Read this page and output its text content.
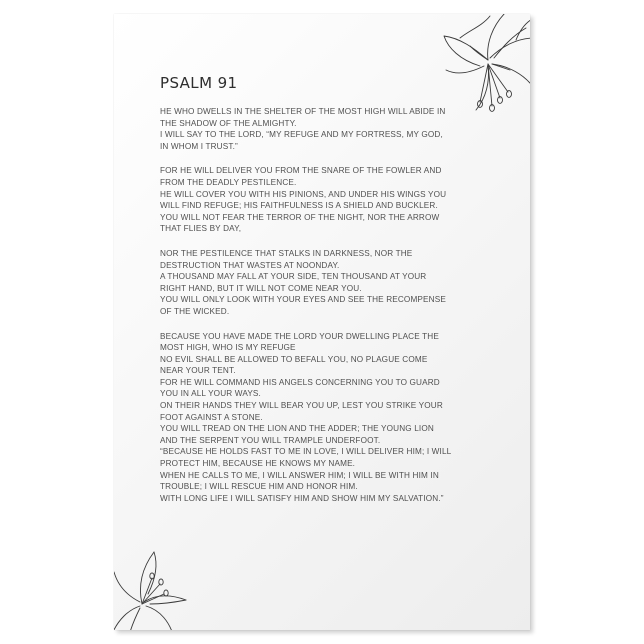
PSALM 91
HE WHO DWELLS IN THE SHELTER OF THE MOST HIGH WILL ABIDE IN
THE SHADOW OF THE ALMIGHTY.
I WILL SAY TO THE LORD, “MY REFUGE AND MY FORTRESS, MY GOD,
IN WHOM I TRUST.”
FOR HE WILL DELIVER YOU FROM THE SNARE OF THE FOWLER AND
FROM THE DEADLY PESTILENCE.
HE WILL COVER YOU WITH HIS PINIONS, AND UNDER HIS WINGS YOU
WILL FIND REFUGE; HIS FAITHFULNESS IS A SHIELD AND BUCKLER.
YOU WILL NOT FEAR THE TERROR OF THE NIGHT, NOR THE ARROW
THAT FLIES BY DAY,
NOR THE PESTILENCE THAT STALKS IN DARKNESS, NOR THE
DESTRUCTION THAT WASTES AT NOONDAY.
A THOUSAND MAY FALL AT YOUR SIDE, TEN THOUSAND AT YOUR
RIGHT HAND, BUT IT WILL NOT COME NEAR YOU.
YOU WILL ONLY LOOK WITH YOUR EYES AND SEE THE RECOMPENSE
OF THE WICKED.
BECAUSE YOU HAVE MADE THE LORD YOUR DWELLING PLACE THE
MOST HIGH, WHO IS MY REFUGE
NO EVIL SHALL BE ALLOWED TO BEFALL YOU, NO PLAGUE COME
NEAR YOUR TENT.
FOR HE WILL COMMAND HIS ANGELS CONCERNING YOU TO GUARD
YOU IN ALL YOUR WAYS.
ON THEIR HANDS THEY WILL BEAR YOU UP, LEST YOU STRIKE YOUR
FOOT AGAINST A STONE.
YOU WILL TREAD ON THE LION AND THE ADDER; THE YOUNG LION
AND THE SERPENT YOU WILL TRAMPLE UNDERFOOT.
“BECAUSE HE HOLDS FAST TO ME IN LOVE, I WILL DELIVER HIM; I WILL
PROTECT HIM, BECAUSE HE KNOWS MY NAME.
WHEN HE CALLS TO ME, I WILL ANSWER HIM; I WILL BE WITH HIM IN
TROUBLE; I WILL RESCUE HIM AND HONOR HIM.
WITH LONG LIFE I WILL SATISFY HIM AND SHOW HIM MY SALVATION.”
